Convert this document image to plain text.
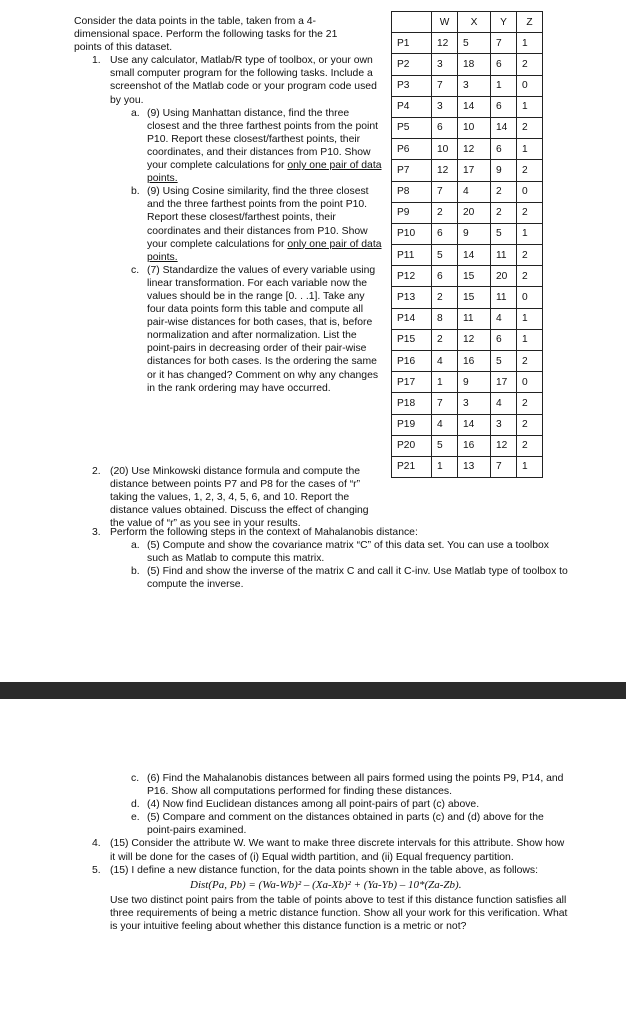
Consider the data points in the table, taken from a 4-dimensional space. Perform the following tasks for the 21 points of this dataset.

1. Use any calculator, Matlab/R type of toolbox, or your own small computer program for the following tasks. Include a screenshot of the Matlab code or your program code used by you.
a. (9) Using Manhattan distance, find the three closest and the three farthest points from the point P10. Report these closest/farthest points, their coordinates, and their distances from P10. Show your complete calculations for only one pair of data points.
b. (9) Using Cosine similarity, find the three closest and the three farthest points from the point P10. Report these closest/farthest points, their coordinates and their distances from P10. Show your complete calculations for only one pair of data points.
c. (7) Standardize the values of every variable using linear transformation. For each variable now the values should be in the range [0. . .1]. Take any four data points form this table and compute all pair-wise distances for both cases, that is, before normalization and after normalization. List the point-pairs in decreasing order of their pair-wise distances for both cases. Is the ordering the same or it has changed? Comment on why any changes in the rank ordering may have occurred.
2. (20) Use Minkowski distance formula and compute the distance between points P7 and P8 for the cases of “r” taking the values, 1, 2, 3, 4, 5, 6, and 10. Report the distance values obtained. Discuss the effect of changing the value of “r” as you see in your results.
3. Perform the following steps in the context of Mahalanobis distance:
a. (5) Compute and show the covariance matrix “C” of this data set. You can use a toolbox such as Matlab to compute this matrix.
b. (5) Find and show the inverse of the matrix C and call it C-inv. Use Matlab type of toolbox to compute the inverse.
	W	X	Y	Z
P1	12	5	7	1
P2	3	18	6	2
P3	7	3	1	0
P4	3	14	6	1
P5	6	10	14	2
P6	10	12	6	1
P7	12	17	9	2
P8	7	4	2	0
P9	2	20	2	2
P10	6	9	5	1
P11	5	14	11	2
P12	6	15	20	2
P13	2	15	11	0
P14	8	11	4	1
P15	2	12	6	1
P16	4	16	5	2
P17	1	9	17	0
P18	7	3	4	2
P19	4	14	3	2
P20	5	16	12	2
P21	1	13	7	1
c. (6) Find the Mahalanobis distances between all pairs formed using the points P9, P14, and P16. Show all computations performed for finding these distances.
d. (4) Now find Euclidean distances among all point-pairs of part (c) above.
e. (5) Compare and comment on the distances obtained in parts (c) and (d) above for the point-pairs examined.
4. (15) Consider the attribute W. We want to make three discrete intervals for this attribute. Show how it will be done for the cases of (i) Equal width partition, and (ii) Equal frequency partition.
5. (15) I define a new distance function, for the data points shown in the table above, as follows:
Dist(Pa, Pb) = (Wa-Wb)² – (Xa-Xb)² + (Ya-Yb) – 10*(Za-Zb).
Use two distinct point pairs from the table of points above to test if this distance function satisfies all three requirements of being a metric distance function. Show all your work for this verification. What is your intuitive feeling about whether this distance function is a metric or not?
